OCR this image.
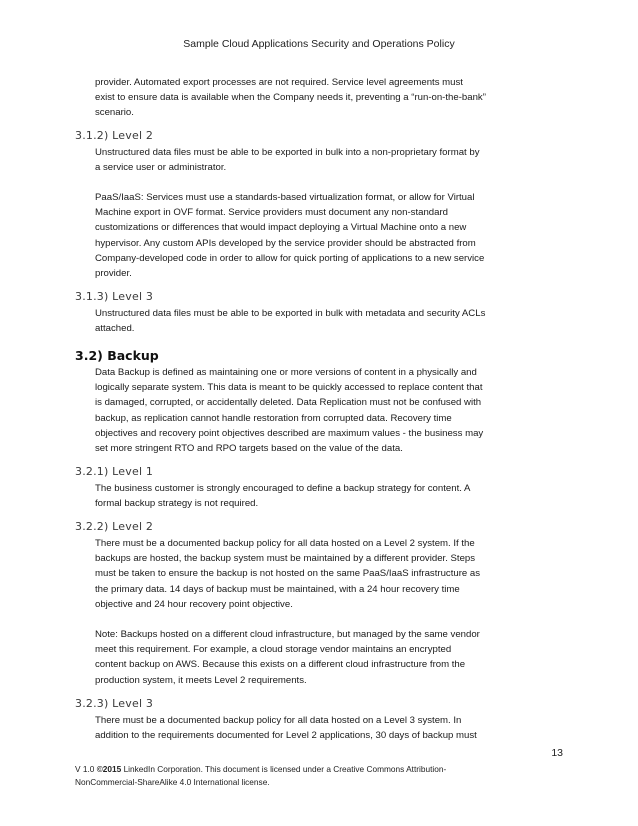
Sample Cloud Applications Security and Operations Policy
provider. Automated export processes are not required. Service level agreements must
exist to ensure data is available when the Company needs it, preventing a “run-on-the-bank”
scenario.
3.1.2) Level 2
Unstructured data files must be able to be exported in bulk into a non-proprietary format by
a service user or administrator.
PaaS/IaaS: Services must use a standards-based virtualization format, or allow for Virtual
Machine export in OVF format. Service providers must document any non-standard
customizations or differences that would impact deploying a Virtual Machine onto a new
hypervisor. Any custom APIs developed by the service provider should be abstracted from
Company-developed code in order to allow for quick porting of applications to a new service
provider.
3.1.3) Level 3
Unstructured data files must be able to be exported in bulk with metadata and security ACLs
attached.
3.2) Backup
Data Backup is defined as maintaining one or more versions of content in a physically and
logically separate system. This data is meant to be quickly accessed to replace content that
is damaged, corrupted, or accidentally deleted. Data Replication must not be confused with
backup, as replication cannot handle restoration from corrupted data. Recovery time
objectives and recovery point objectives described are maximum values - the business may
set more stringent RTO and RPO targets based on the value of the data.
3.2.1) Level 1
The business customer is strongly encouraged to define a backup strategy for content. A
formal backup strategy is not required.
3.2.2) Level 2
There must be a documented backup policy for all data hosted on a Level 2 system. If the
backups are hosted, the backup system must be maintained by a different provider. Steps
must be taken to ensure the backup is not hosted on the same PaaS/IaaS infrastructure as
the primary data. 14 days of backup must be maintained, with a 24 hour recovery time
objective and 24 hour recovery point objective.
Note: Backups hosted on a different cloud infrastructure, but managed by the same vendor
meet this requirement. For example, a cloud storage vendor maintains an encrypted
content backup on AWS. Because this exists on a different cloud infrastructure from the
production system, it meets Level 2 requirements.
3.2.3) Level 3
There must be a documented backup policy for all data hosted on a Level 3 system. In
addition to the requirements documented for Level 2 applications, 30 days of backup must
13
V 1.0 ©2015 LinkedIn Corporation. This document is licensed under a Creative Commons Attribution-
NonCommercial-ShareAlike 4.0 International license.
